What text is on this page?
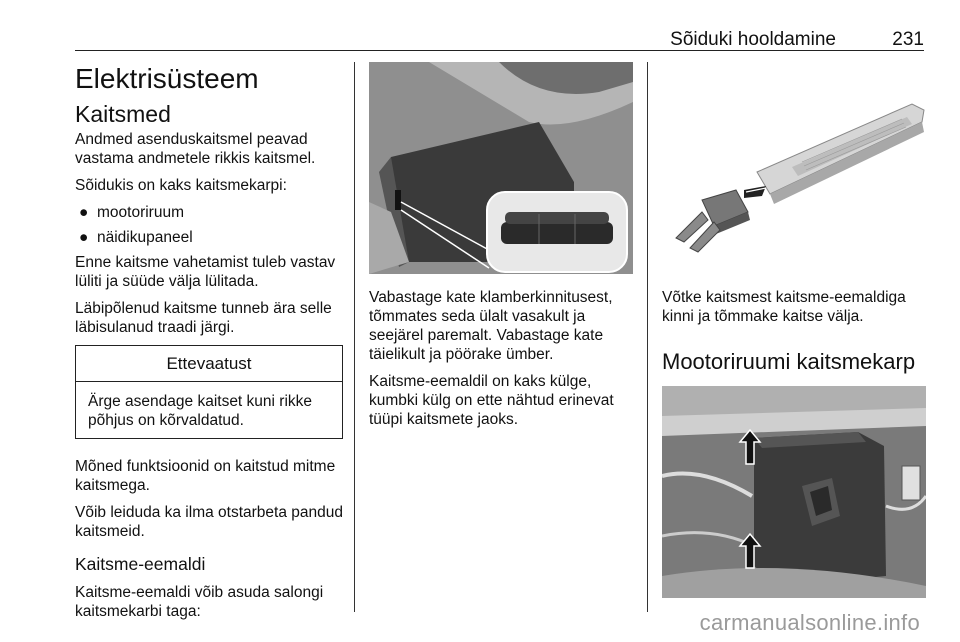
Sõiduki hooldamine	231
Elektrisüsteem
Kaitsmed

Andmed asenduskaitsmel peavad vastama andmetele rikkis kaitsmel.

Sõidukis on kaks kaitsmekarpi:

● mootoriruum
● näidikupaneel

Enne kaitsme vahetamist tuleb vastav lüliti ja süüde välja lülitada.

Läbipõlenud kaitsme tunneb ära selle läbisulanud traadi järgi.

Ettevaatust
Ärge asendage kaitset kuni rikke põhjus on kõrvaldatud.

Mõned funktsioonid on kaitstud mitme kaitsmega.

Võib leiduda ka ilma otstarbeta pandud kaitsmeid.

Kaitsme-eemaldi

Kaitsme-eemaldi võib asuda salongi kaitsmekarbi taga:

Vabastage kate klamberkinnitusest, tõmmates seda ülalt vasakult ja seejärel paremalt. Vabastage kate täielikult ja pöörake ümber.

Kaitsme-eemaldil on kaks külge, kumbki külg on ette nähtud erinevat tüüpi kaitsmete jaoks.

Võtke kaitsmest kaitsme-eemaldiga kinni ja tõmmake kaitse välja.

Mootoriruumi kaitsmekarp
carmanualsonline.info
